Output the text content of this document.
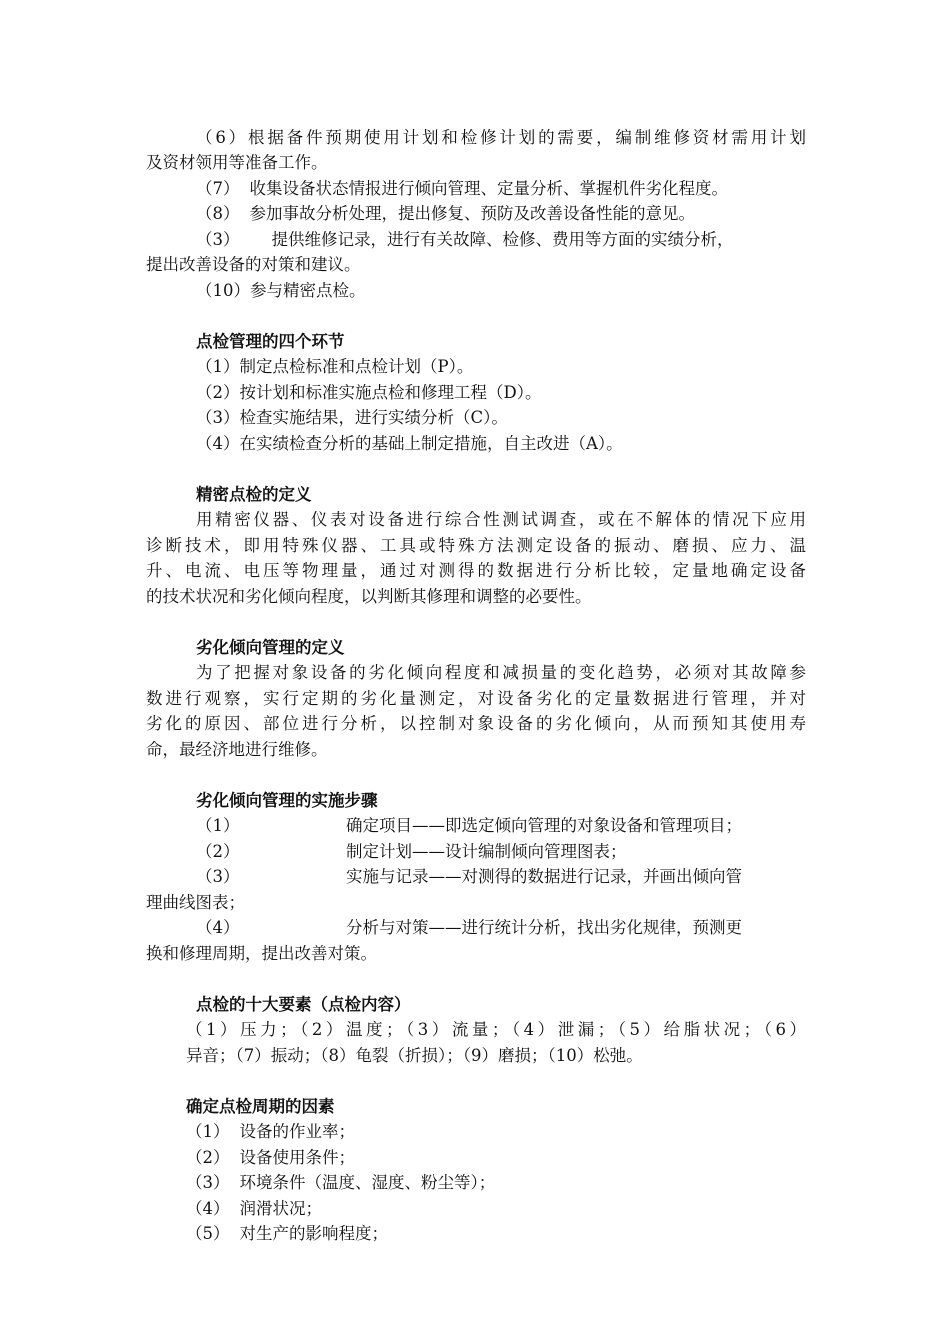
（6）根据备件预期使用计划和检修计划的需要，编制维修资材需用计划
及资材领用等准备工作。
（7） 收集设备状态情报进行倾向管理、定量分析、掌握机件劣化程度。
（8） 参加事故分析处理，提出修复、预防及改善设备性能的意见。
（3） 提供维修记录，进行有关故障、检修、费用等方面的实绩分析，
提出改善设备的对策和建议。
（10）参与精密点检。
点检管理的四个环节
（1）制定点检标准和点检计划（P）。
（2）按计划和标准实施点检和修理工程（D）。
（3）检查实施结果，进行实绩分析（C）。
（4）在实绩检查分析的基础上制定措施，自主改进（A）。
精密点检的定义
用精密仪器、仪表对设备进行综合性测试调查，或在不解体的情况下应用
诊断技术，即用特殊仪器、工具或特殊方法测定设备的振动、磨损、应力、温
升、电流、电压等物理量，通过对测得的数据进行分析比较，定量地确定设备
的技术状况和劣化倾向程度，以判断其修理和调整的必要性。
劣化倾向管理的定义
为了把握对象设备的劣化倾向程度和减损量的变化趋势，必须对其故障参
数进行观察，实行定期的劣化量测定，对设备劣化的定量数据进行管理，并对
劣化的原因、部位进行分析，以控制对象设备的劣化倾向，从而预知其使用寿
命，最经济地进行维修。
劣化倾向管理的实施步骤
（1）	确定项目——即选定倾向管理的对象设备和管理项目；
（2）	制定计划——设计编制倾向管理图表；
（3）	实施与记录——对测得的数据进行记录，并画出倾向管
理曲线图表；
（4）	分析与对策——进行统计分析，找出劣化规律，预测更
换和修理周期，提出改善对策。
点检的十大要素（点检内容）
（1）压力；（2）温度；（3）流量；（4）泄漏；（5）给脂状况；（6）
异音；（7）振动；（8）龟裂（折损）；（9）磨损；（10）松弛。
确定点检周期的因素
（1） 设备的作业率；
（2） 设备使用条件；
（3） 环境条件（温度、湿度、粉尘等）；
（4） 润滑状况；
（5） 对生产的影响程度；
